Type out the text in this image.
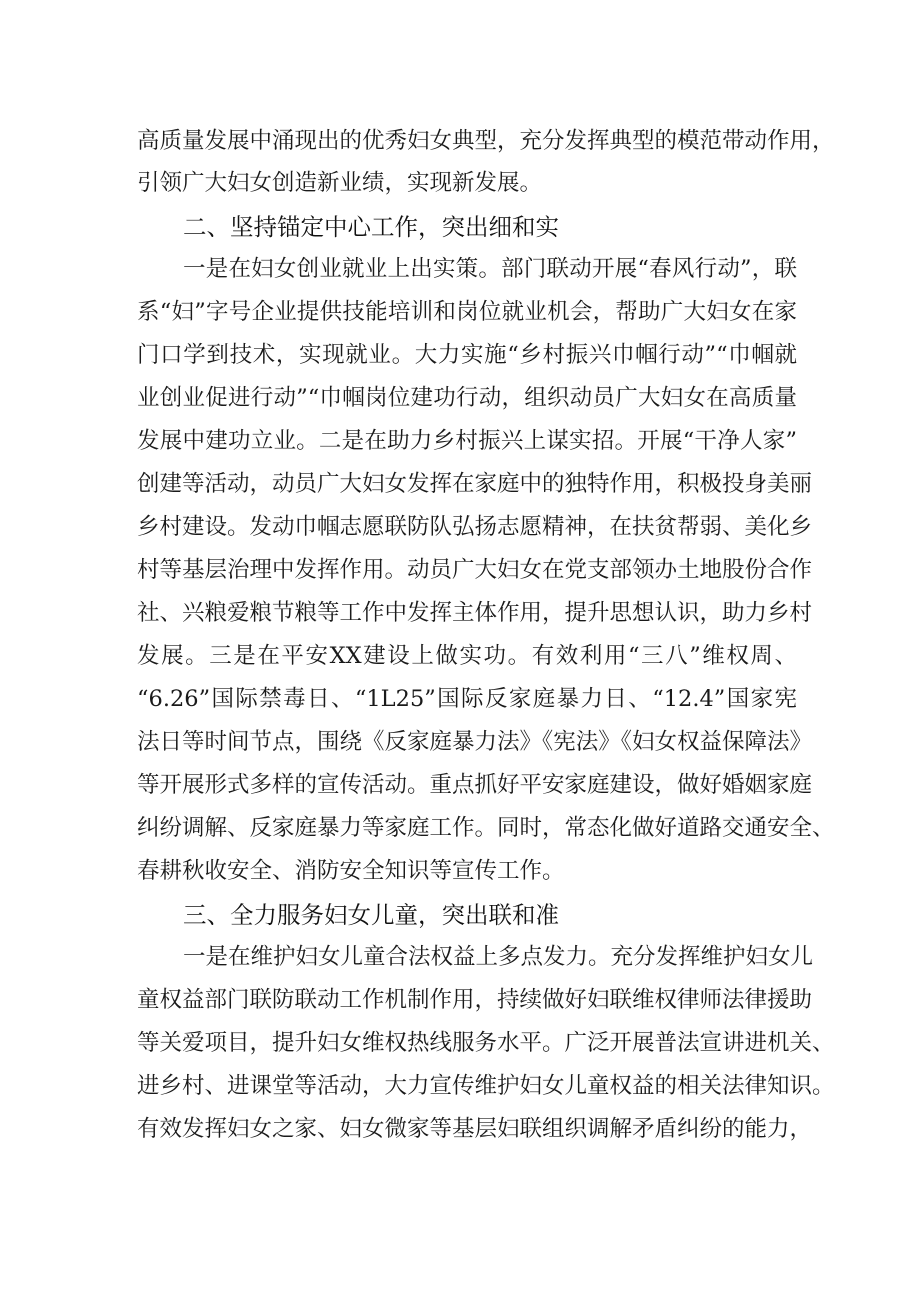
高质量发展中涌现出的优秀妇女典型，充分发挥典型的模范带动作用，
引领广大妇女创造新业绩，实现新发展。
二、坚持锚定中心工作，突出细和实
一是在妇女创业就业上出实策。部门联动开展“春风行动”，联
系“妇”字号企业提供技能培训和岗位就业机会，帮助广大妇女在家
门口学到技术，实现就业。大力实施“乡村振兴巾帼行动”“巾帼就
业创业促进行动”“巾帼岗位建功行动，组织动员广大妇女在高质量
发展中建功立业。二是在助力乡村振兴上谋实招。开展“干净人家”
创建等活动，动员广大妇女发挥在家庭中的独特作用，积极投身美丽
乡村建设。发动巾帼志愿联防队弘扬志愿精神，在扶贫帮弱、美化乡
村等基层治理中发挥作用。动员广大妇女在党支部领办土地股份合作
社、兴粮爱粮节粮等工作中发挥主体作用，提升思想认识，助力乡村
发展。三是在平安XX建设上做实功。有效利用“三八”维权周、
“6.26”国际禁毒日、“1L25”国际反家庭暴力日、“12.4”国家宪
法日等时间节点，围绕《反家庭暴力法》《宪法》《妇女权益保障法》
等开展形式多样的宣传活动。重点抓好平安家庭建设，做好婚姻家庭
纠纷调解、反家庭暴力等家庭工作。同时，常态化做好道路交通安全、
春耕秋收安全、消防安全知识等宣传工作。
三、全力服务妇女儿童，突出联和准
一是在维护妇女儿童合法权益上多点发力。充分发挥维护妇女儿
童权益部门联防联动工作机制作用，持续做好妇联维权律师法律援助
等关爱项目，提升妇女维权热线服务水平。广泛开展普法宣讲进机关、
进乡村、进课堂等活动，大力宣传维护妇女儿童权益的相关法律知识。
有效发挥妇女之家、妇女微家等基层妇联组织调解矛盾纠纷的能力，
